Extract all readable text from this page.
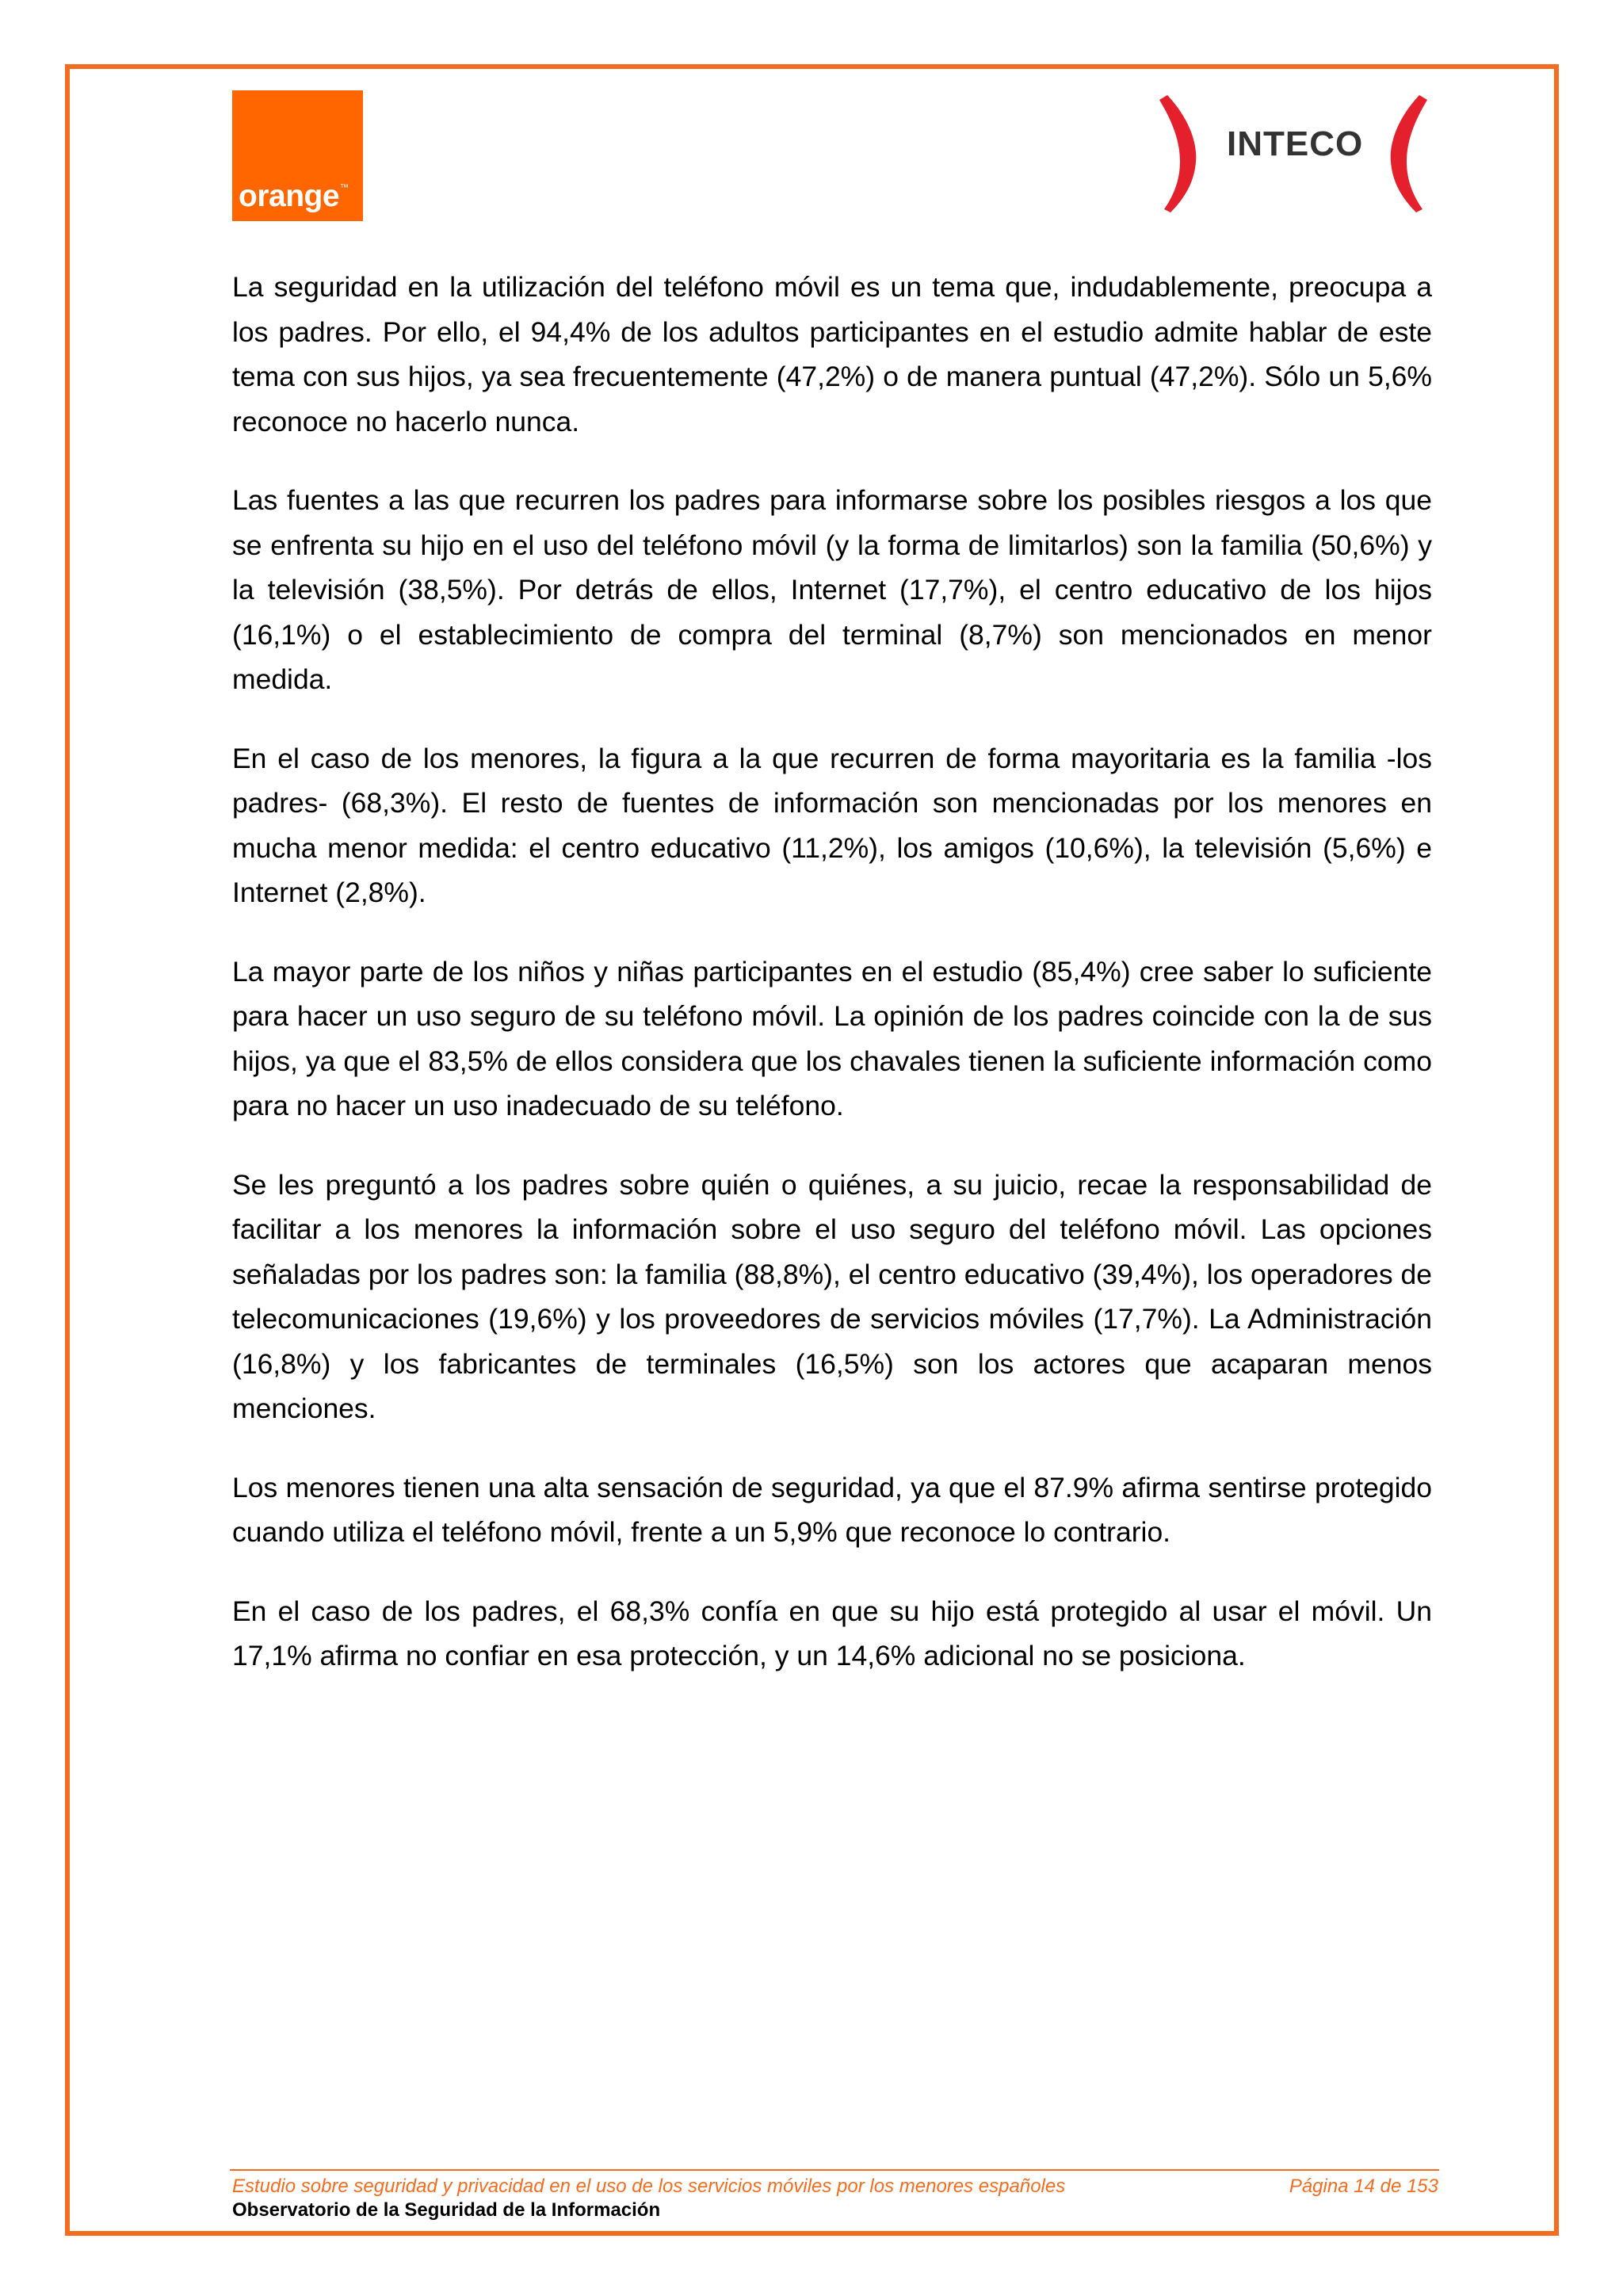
orange™
INTECO

La seguridad en la utilización del teléfono móvil es un tema que, indudablemente, preocupa a los padres. Por ello, el 94,4% de los adultos participantes en el estudio admite hablar de este tema con sus hijos, ya sea frecuentemente (47,2%) o de manera puntual (47,2%). Sólo un 5,6% reconoce no hacerlo nunca.

Las fuentes a las que recurren los padres para informarse sobre los posibles riesgos a los que se enfrenta su hijo en el uso del teléfono móvil (y la forma de limitarlos) son la familia (50,6%) y la televisión (38,5%). Por detrás de ellos, Internet (17,7%), el centro educativo de los hijos (16,1%) o el establecimiento de compra del terminal (8,7%) son mencionados en menor medida.

En el caso de los menores, la figura a la que recurren de forma mayoritaria es la familia -los padres- (68,3%). El resto de fuentes de información son mencionadas por los menores en mucha menor medida: el centro educativo (11,2%), los amigos (10,6%), la televisión (5,6%) e Internet (2,8%).

La mayor parte de los niños y niñas participantes en el estudio (85,4%) cree saber lo suficiente para hacer un uso seguro de su teléfono móvil. La opinión de los padres coincide con la de sus hijos, ya que el 83,5% de ellos considera que los chavales tienen la suficiente información como para no hacer un uso inadecuado de su teléfono.

Se les preguntó a los padres sobre quién o quiénes, a su juicio, recae la responsabilidad de facilitar a los menores la información sobre el uso seguro del teléfono móvil. Las opciones señaladas por los padres son: la familia (88,8%), el centro educativo (39,4%), los operadores de telecomunicaciones (19,6%) y los proveedores de servicios móviles (17,7%). La Administración (16,8%) y los fabricantes de terminales (16,5%) son los actores que acaparan menos menciones.

Los menores tienen una alta sensación de seguridad, ya que el 87.9% afirma sentirse protegido cuando utiliza el teléfono móvil, frente a un 5,9% que reconoce lo contrario.

En el caso de los padres, el 68,3% confía en que su hijo está protegido al usar el móvil. Un 17,1% afirma no confiar en esa protección, y un 14,6% adicional no se posiciona.

Estudio sobre seguridad y privacidad en el uso de los servicios móviles por los menores españoles	Página 14 de 153
Observatorio de la Seguridad de la Información
